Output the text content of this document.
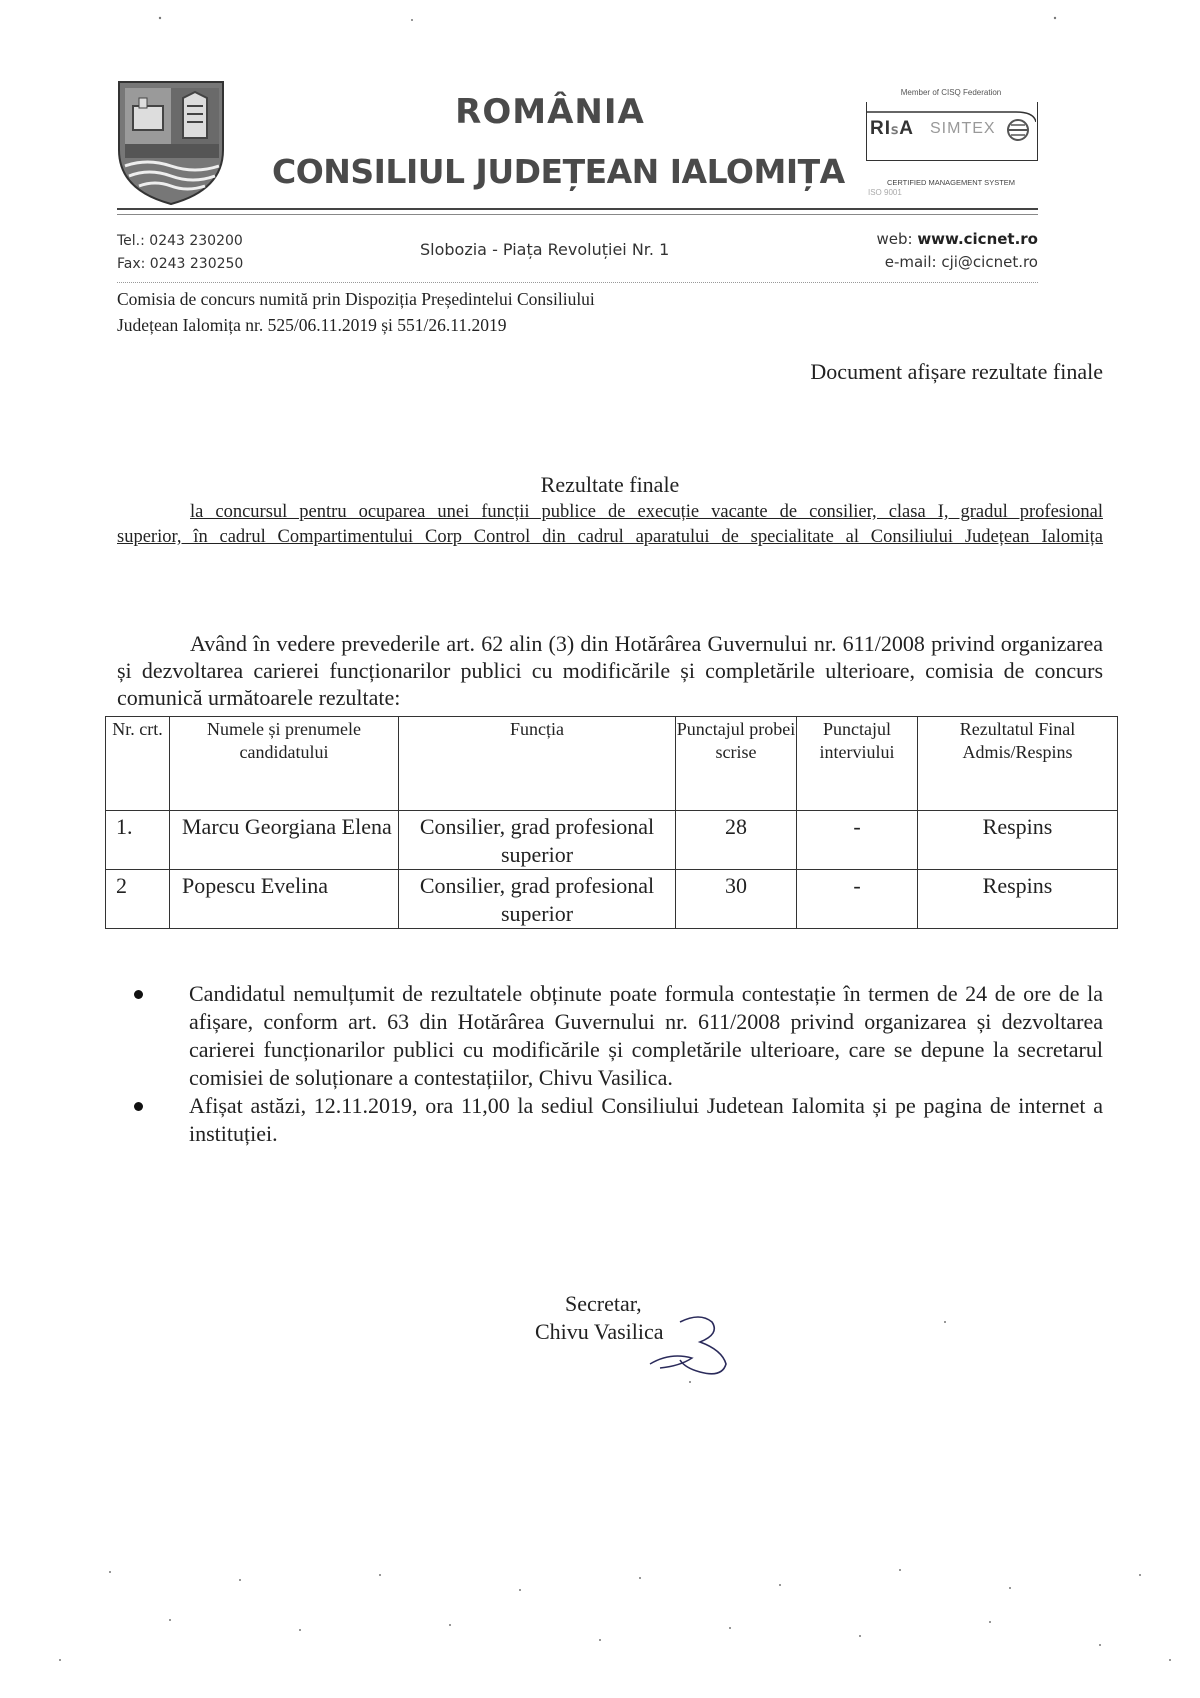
ROMÂNIA
CONSILIUL JUDEȚEAN IALOMIȚA
Member of CISQ Federation
RIꜱA SIMTEX
CERTIFIED MANAGEMENT SYSTEM
ISO 9001
Tel.: 0243 230200
Fax: 0243 230250
Slobozia - Piața Revoluției Nr. 1
web: www.cicnet.ro
e-mail: cji@cicnet.ro
Comisia de concurs numită prin Dispoziția Președintelui Consiliului
Județean Ialomița nr. 525/06.11.2019 și 551/26.11.2019
Document afișare rezultate finale
Rezultate finale
la concursul pentru ocuparea unei funcții publice de execuție vacante de consilier, clasa I, gradul profesional
superior, în cadrul Compartimentului Corp Control din cadrul aparatului de specialitate al Consiliului Județean Ialomița
Având în vedere prevederile art. 62 alin (3) din Hotărârea Guvernului nr. 611/2008 privind organizarea și dezvoltarea carierei funcționarilor publici cu modificările și completările ulterioare, comisia de concurs comunică următoarele rezultate:
Nr. crt.	Numele și prenumele candidatului	Funcția	Punctajul probei scrise	Punctajul interviului	Rezultatul Final Admis/Respins
1.	Marcu Georgiana Elena	Consilier, grad profesional superior	28	-	Respins
2	Popescu Evelina	Consilier, grad profesional superior	30	-	Respins
Candidatul nemulțumit de rezultatele obținute poate formula contestație în termen de 24 de ore de la afișare, conform art. 63 din Hotărârea Guvernului nr. 611/2008 privind organizarea și dezvoltarea carierei funcționarilor publici cu modificările și completările ulterioare, care se depune la secretarul comisiei de soluționare a contestațiilor, Chivu Vasilica.
Afișat astăzi, 12.11.2019, ora 11,00 la sediul Consiliului Judetean Ialomita și pe pagina de internet a instituției.
Secretar,
Chivu Vasilica
